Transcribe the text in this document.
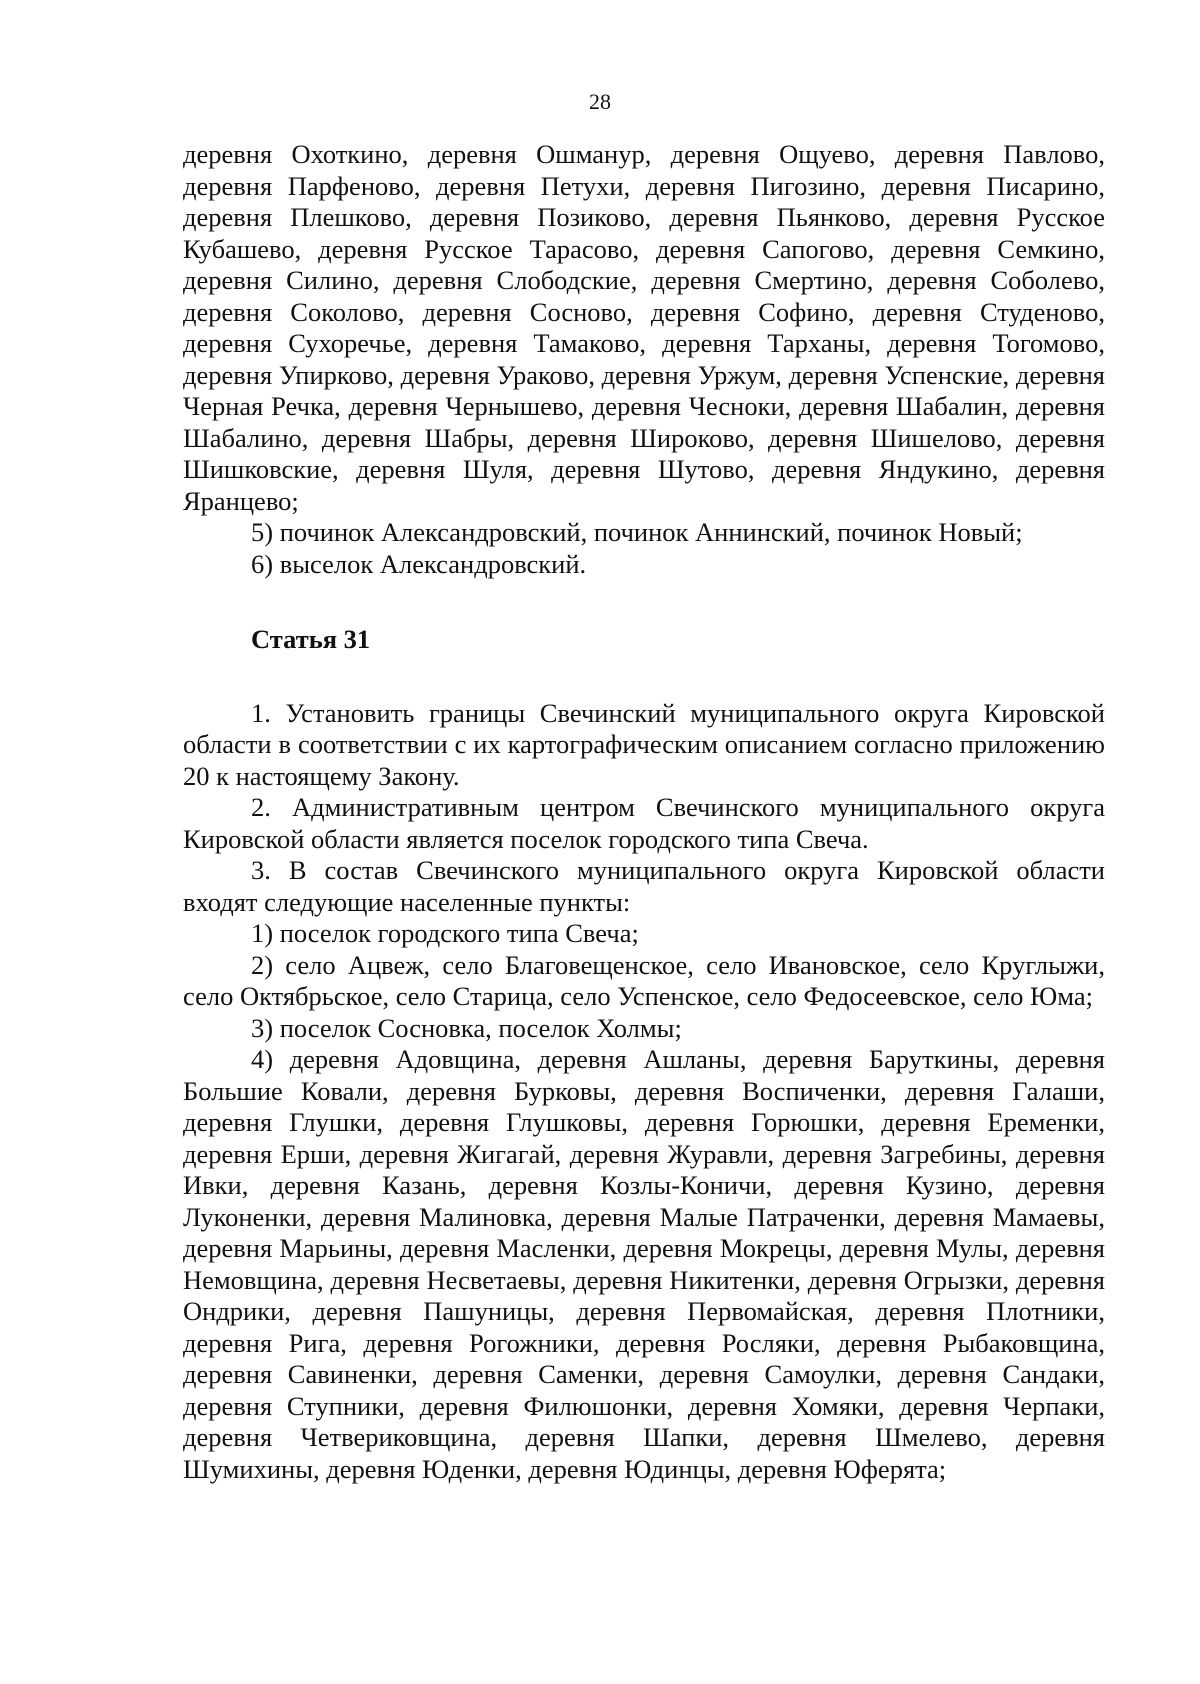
28

деревня Охоткино, деревня Ошманур, деревня Ощуево, деревня Павлово, деревня Парфеново, деревня Петухи, деревня Пигозино, деревня Писарино, деревня Плешково, деревня Позиково, деревня Пьянково, деревня Русское Кубашево, деревня Русское Тарасово, деревня Сапогово, деревня Семкино, деревня Силино, деревня Слободские, деревня Смертино, деревня Соболево, деревня Соколово, деревня Сосново, деревня Софино, деревня Студеново, деревня Сухоречье, деревня Тамаково, деревня Тарханы, деревня Тогомово, деревня Упирково, деревня Ураково, деревня Уржум, деревня Успенские, деревня Черная Речка, деревня Чернышево, деревня Чесноки, деревня Шабалин, деревня Шабалино, деревня Шабры, деревня Широково, деревня Шишелово, деревня Шишковские, деревня Шуля, деревня Шутово, деревня Яндукино, деревня Яранцево;

5) починок Александровский, починок Аннинский, починок Новый;

6) выселок Александровский.

Статья 31

1. Установить границы Свечинский муниципального округа Кировской области в соответствии с их картографическим описанием согласно приложению 20 к настоящему Закону.

2. Административным центром Свечинского муниципального округа Кировской области является поселок городского типа Свеча.

3. В состав Свечинского муниципального округа Кировской области входят следующие населенные пункты:

1) поселок городского типа Свеча;

2) село Ацвеж, село Благовещенское, село Ивановское, село Круглыжи, село Октябрьское, село Старица, село Успенское, село Федосеевское, село Юма;

3) поселок Сосновка, поселок Холмы;

4) деревня Адовщина, деревня Ашланы, деревня Баруткины, деревня Большие Ковали, деревня Бурковы, деревня Воспиченки, деревня Галаши, деревня Глушки, деревня Глушковы, деревня Горюшки, деревня Еременки, деревня Ерши, деревня Жигагай, деревня Журавли, деревня Загребины, деревня Ивки, деревня Казань, деревня Козлы-Коничи, деревня Кузино, деревня Луконенки, деревня Малиновка, деревня Малые Патраченки, деревня Мамаевы, деревня Марьины, деревня Масленки, деревня Мокрецы, деревня Мулы, деревня Немовщина, деревня Несветаевы, деревня Никитенки, деревня Огрызки, деревня Ондрики, деревня Пашуницы, деревня Первомайская, деревня Плотники, деревня Рига, деревня Рогожники, деревня Росляки, деревня Рыбаковщина, деревня Савиненки, деревня Саменки, деревня Самоулки, деревня Сандаки, деревня Ступники, деревня Филюшонки, деревня Хомяки, деревня Черпаки, деревня Четвериковщина, деревня Шапки, деревня Шмелево, деревня Шумихины, деревня Юденки, деревня Юдинцы, деревня Юферята;
